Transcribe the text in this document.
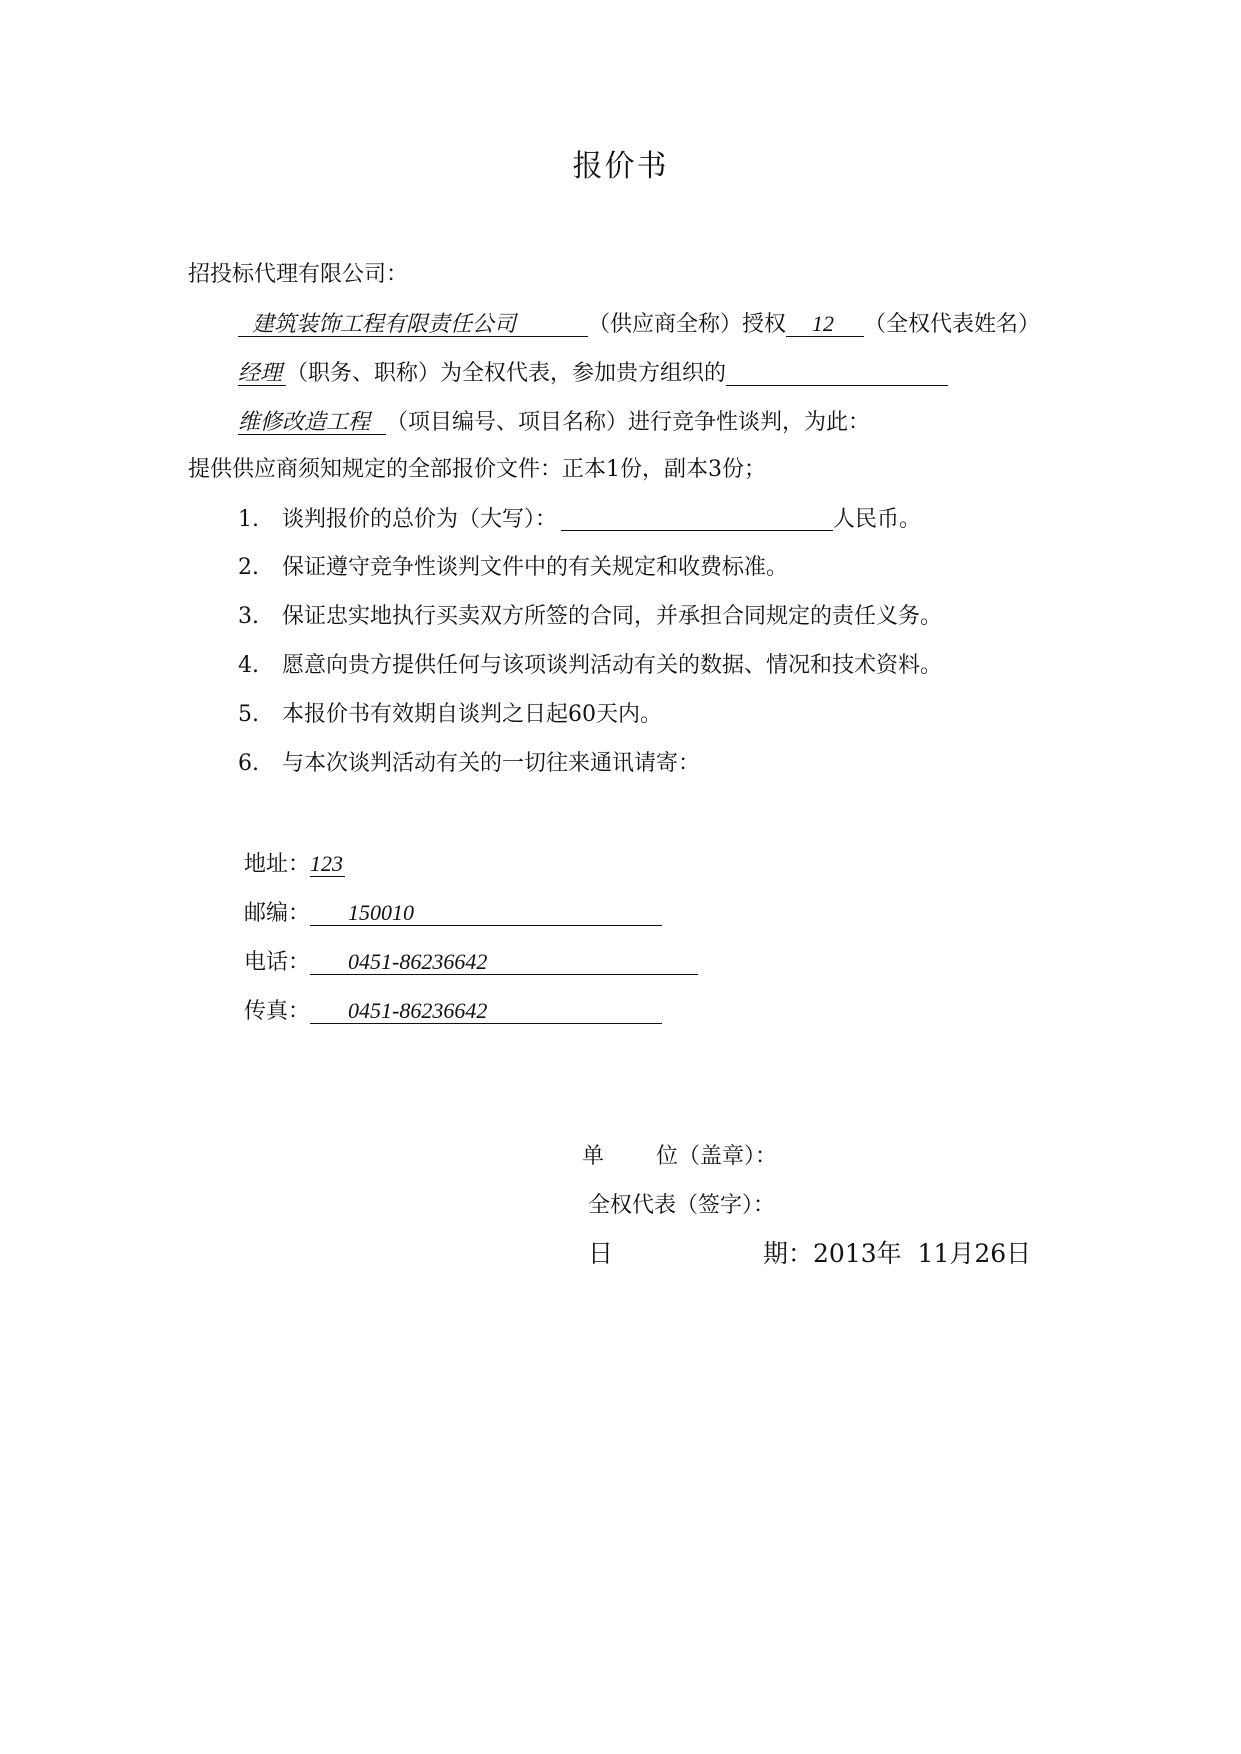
报价书
招投标代理有限公司：
建筑装饰工程有限责任公司	（供应商全称）授权 12 （全权代表姓名）
经理 （职务、职称）为全权代表，参加贵方组织的
维修改造工程 （项目编号、项目名称）进行竞争性谈判，为此：
提供供应商须知规定的全部报价文件：正本1份，副本3份；
1. 谈判报价的总价为（大写）：	人民币。
2. 保证遵守竞争性谈判文件中的有关规定和收费标准。
3. 保证忠实地执行买卖双方所签的合同，并承担合同规定的责任义务。
4. 愿意向贵方提供任何与该项谈判活动有关的数据、情况和技术资料。
5. 本报价书有效期自谈判之日起60天内。
6. 与本次谈判活动有关的一切往来通讯请寄：
地址：123
邮编： 150010
电话： 0451-86236642
传真： 0451-86236642
单 位（盖章）：
全权代表（签字）：
日	期：2013年  11月26日
